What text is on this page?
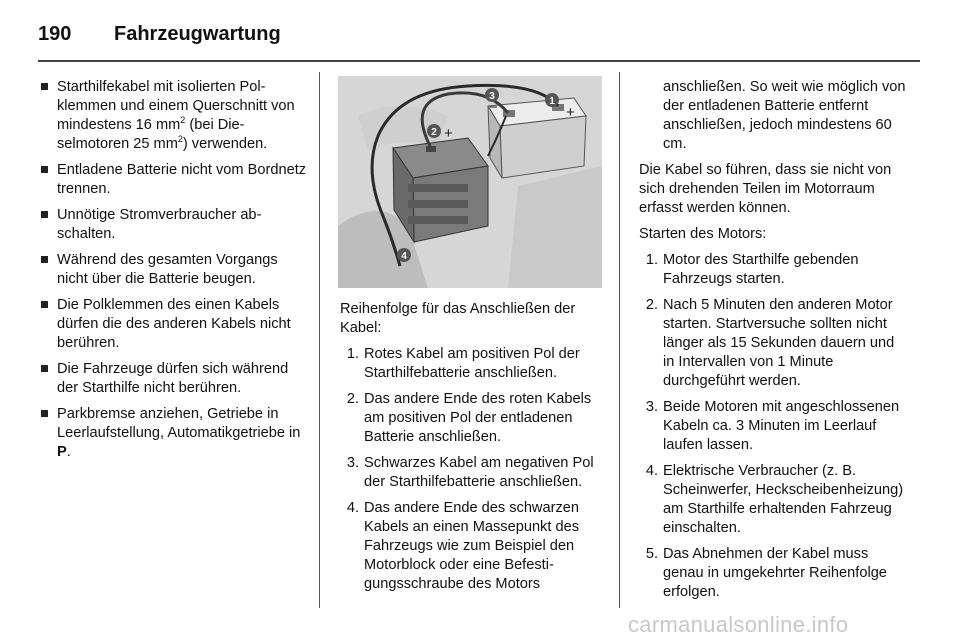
190	Fahrzeugwartung
Starthilfekabel mit isolierten Polklemmen und einem Querschnitt von mindestens 16 $mm^2$ (bei Dieselmotoren 25 $mm^2$) verwenden.
Entladene Batterie nicht vom Bordnetz trennen.
Unnötige Stromverbraucher abschalten.
Während des gesamten Vorgangs nicht über die Batterie beugen.
Die Polklemmen des einen Kabels dürfen die des anderen Kabels nicht berühren.
Die Fahrzeuge dürfen sich während der Starthilfe nicht berühren.
Parkbremse anziehen, Getriebe in Leerlaufstellung, Automatikgetriebe in P.
1
+
3
−
2 +
4

Reihenfolge für das Anschließen der Kabel:

1. Rotes Kabel am positiven Pol der Starthilfebatterie anschließen.
2. Das andere Ende des roten Kabels am positiven Pol der entladenen Batterie anschließen.
3. Schwarzes Kabel am negativen Pol der Starthilfebatterie anschließen.
4. Das andere Ende des schwarzen Kabels an einen Massepunkt des Fahrzeugs wie zum Beispiel den Motorblock oder eine Befestigungsschraube des Motors
anschließen. So weit wie möglich von der entladenen Batterie entfernt anschließen, jedoch mindestens 60 cm.

Die Kabel so führen, dass sie nicht von sich drehenden Teilen im Motorraum erfasst werden können.

Starten des Motors:

1. Motor des Starthilfe gebenden Fahrzeugs starten.
2. Nach 5 Minuten den anderen Motor starten. Startversuche sollten nicht länger als 15 Sekunden dauern und in Intervallen von 1 Minute durchgeführt werden.
3. Beide Motoren mit angeschlossenen Kabeln ca. 3 Minuten im Leerlauf laufen lassen.
4. Elektrische Verbraucher (z. B. Scheinwerfer, Heckscheibenheizung) am Starthilfe erhaltenden Fahrzeug einschalten.
5. Das Abnehmen der Kabel muss genau in umgekehrter Reihenfolge erfolgen.
carmanualsonline.info
